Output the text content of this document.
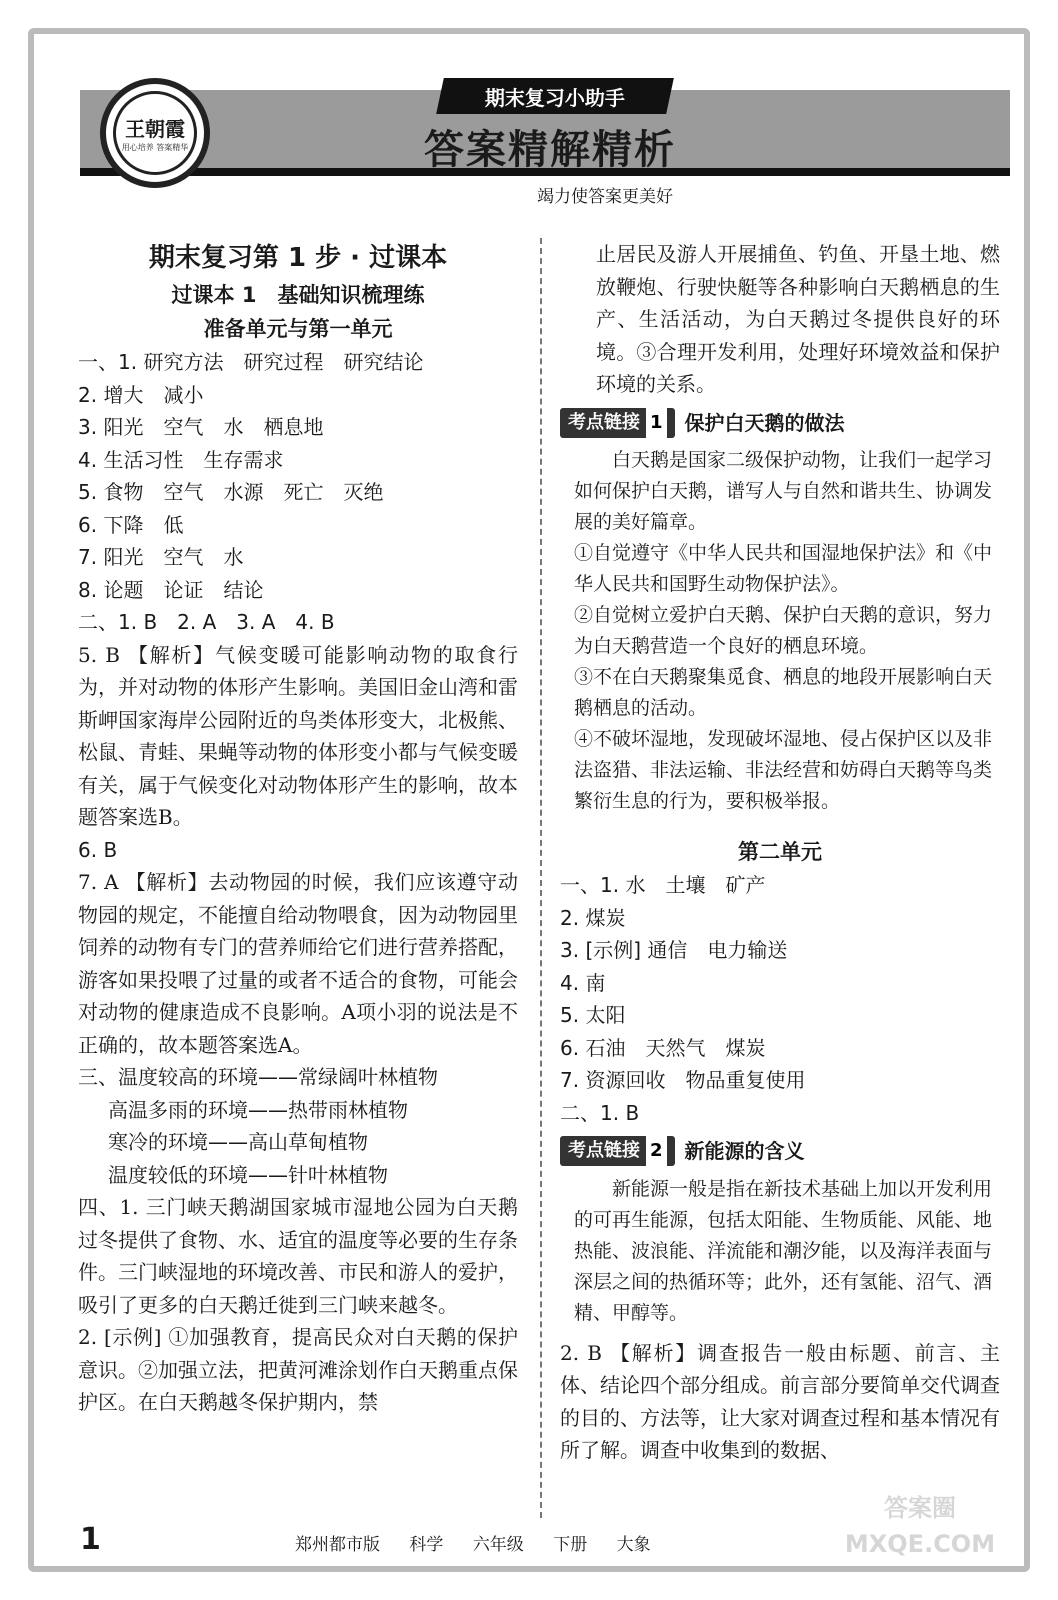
王朝霞
用心培养 答案精华
期末复习小助手
答案精解精析
竭力使答案更美好
期末复习第 1 步 · 过课本
过课本 1　基础知识梳理练
准备单元与第一单元
一、1. 研究方法　研究过程　研究结论
2. 增大　减小
3. 阳光　空气　水　栖息地
4. 生活习性　生存需求
5. 食物　空气　水源　死亡　灭绝
6. 下降　低
7. 阳光　空气　水
8. 论题　论证　结论
二、1. B　2. A　3. A　4. B
5. B 【解析】气候变暖可能影响动物的取食行为，并对动物的体形产生影响。美国旧金山湾和雷斯岬国家海岸公园附近的鸟类体形变大，北极熊、松鼠、青蛙、果蝇等动物的体形变小都与气候变暖有关，属于气候变化对动物体形产生的影响，故本题答案选B。
6. B
7. A 【解析】去动物园的时候，我们应该遵守动物园的规定，不能擅自给动物喂食，因为动物园里饲养的动物有专门的营养师给它们进行营养搭配，游客如果投喂了过量的或者不适合的食物，可能会对动物的健康造成不良影响。A项小羽的说法是不正确的，故本题答案选A。
三、温度较高的环境——常绿阔叶林植物
高温多雨的环境——热带雨林植物
寒冷的环境——高山草甸植物
温度较低的环境——针叶林植物
四、1. 三门峡天鹅湖国家城市湿地公园为白天鹅过冬提供了食物、水、适宜的温度等必要的生存条件。三门峡湿地的环境改善、市民和游人的爱护，吸引了更多的白天鹅迁徙到三门峡来越冬。
2. [示例] ①加强教育，提高民众对白天鹅的保护意识。②加强立法，把黄河滩涂划作白天鹅重点保护区。在白天鹅越冬保护期内，禁
止居民及游人开展捕鱼、钓鱼、开垦土地、燃放鞭炮、行驶快艇等各种影响白天鹅栖息的生产、生活活动，为白天鹅过冬提供良好的环境。③合理开发利用，处理好环境效益和保护环境的关系。
考点链接 1 保护白天鹅的做法
白天鹅是国家二级保护动物，让我们一起学习如何保护白天鹅，谱写人与自然和谐共生、协调发展的美好篇章。
①自觉遵守《中华人民共和国湿地保护法》和《中华人民共和国野生动物保护法》。
②自觉树立爱护白天鹅、保护白天鹅的意识，努力为白天鹅营造一个良好的栖息环境。
③不在白天鹅聚集觅食、栖息的地段开展影响白天鹅栖息的活动。
④不破坏湿地，发现破坏湿地、侵占保护区以及非法盗猎、非法运输、非法经营和妨碍白天鹅等鸟类繁衍生息的行为，要积极举报。
第二单元
一、1. 水　土壤　矿产
2. 煤炭
3. [示例] 通信　电力输送
4. 南
5. 太阳
6. 石油　天然气　煤炭
7. 资源回收　物品重复使用
二、1. B
考点链接 2 新能源的含义
新能源一般是指在新技术基础上加以开发利用的可再生能源，包括太阳能、生物质能、风能、地热能、波浪能、洋流能和潮汐能，以及海洋表面与深层之间的热循环等；此外，还有氢能、沼气、酒精、甲醇等。
2. B 【解析】调查报告一般由标题、前言、主体、结论四个部分组成。前言部分要简单交代调查的目的、方法等，让大家对调查过程和基本情况有所了解。调查中收集到的数据、
1	郑州都市版 科学 六年级 下册 大象
答案圈 MXQE.COM
